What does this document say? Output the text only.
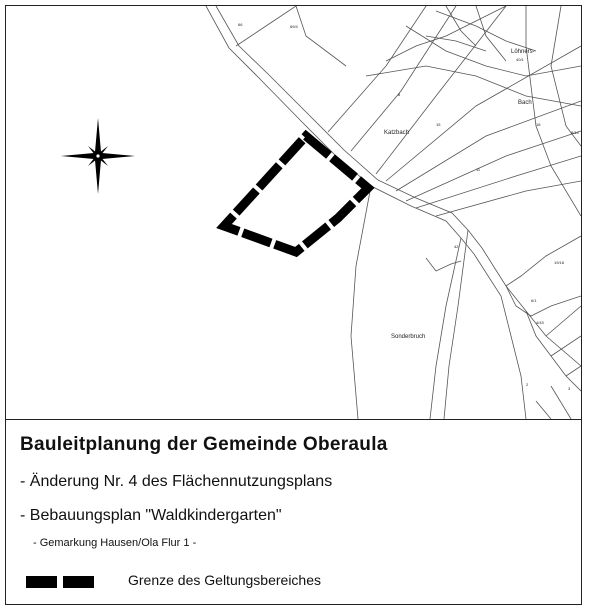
66	69/4
8
15
11
40/1
8/14
18
19/18
4/43
2
3
42
6/1
Katzbach
Löhners-
Bach
Sonderbruch
Bauleitplanung der Gemeinde Oberaula
- Änderung Nr. 4 des Flächennutzungsplans
- Bebauungsplan "Waldkindergarten"
- Gemarkung Hausen/Ola Flur 1 -
Grenze des Geltungsbereiches
